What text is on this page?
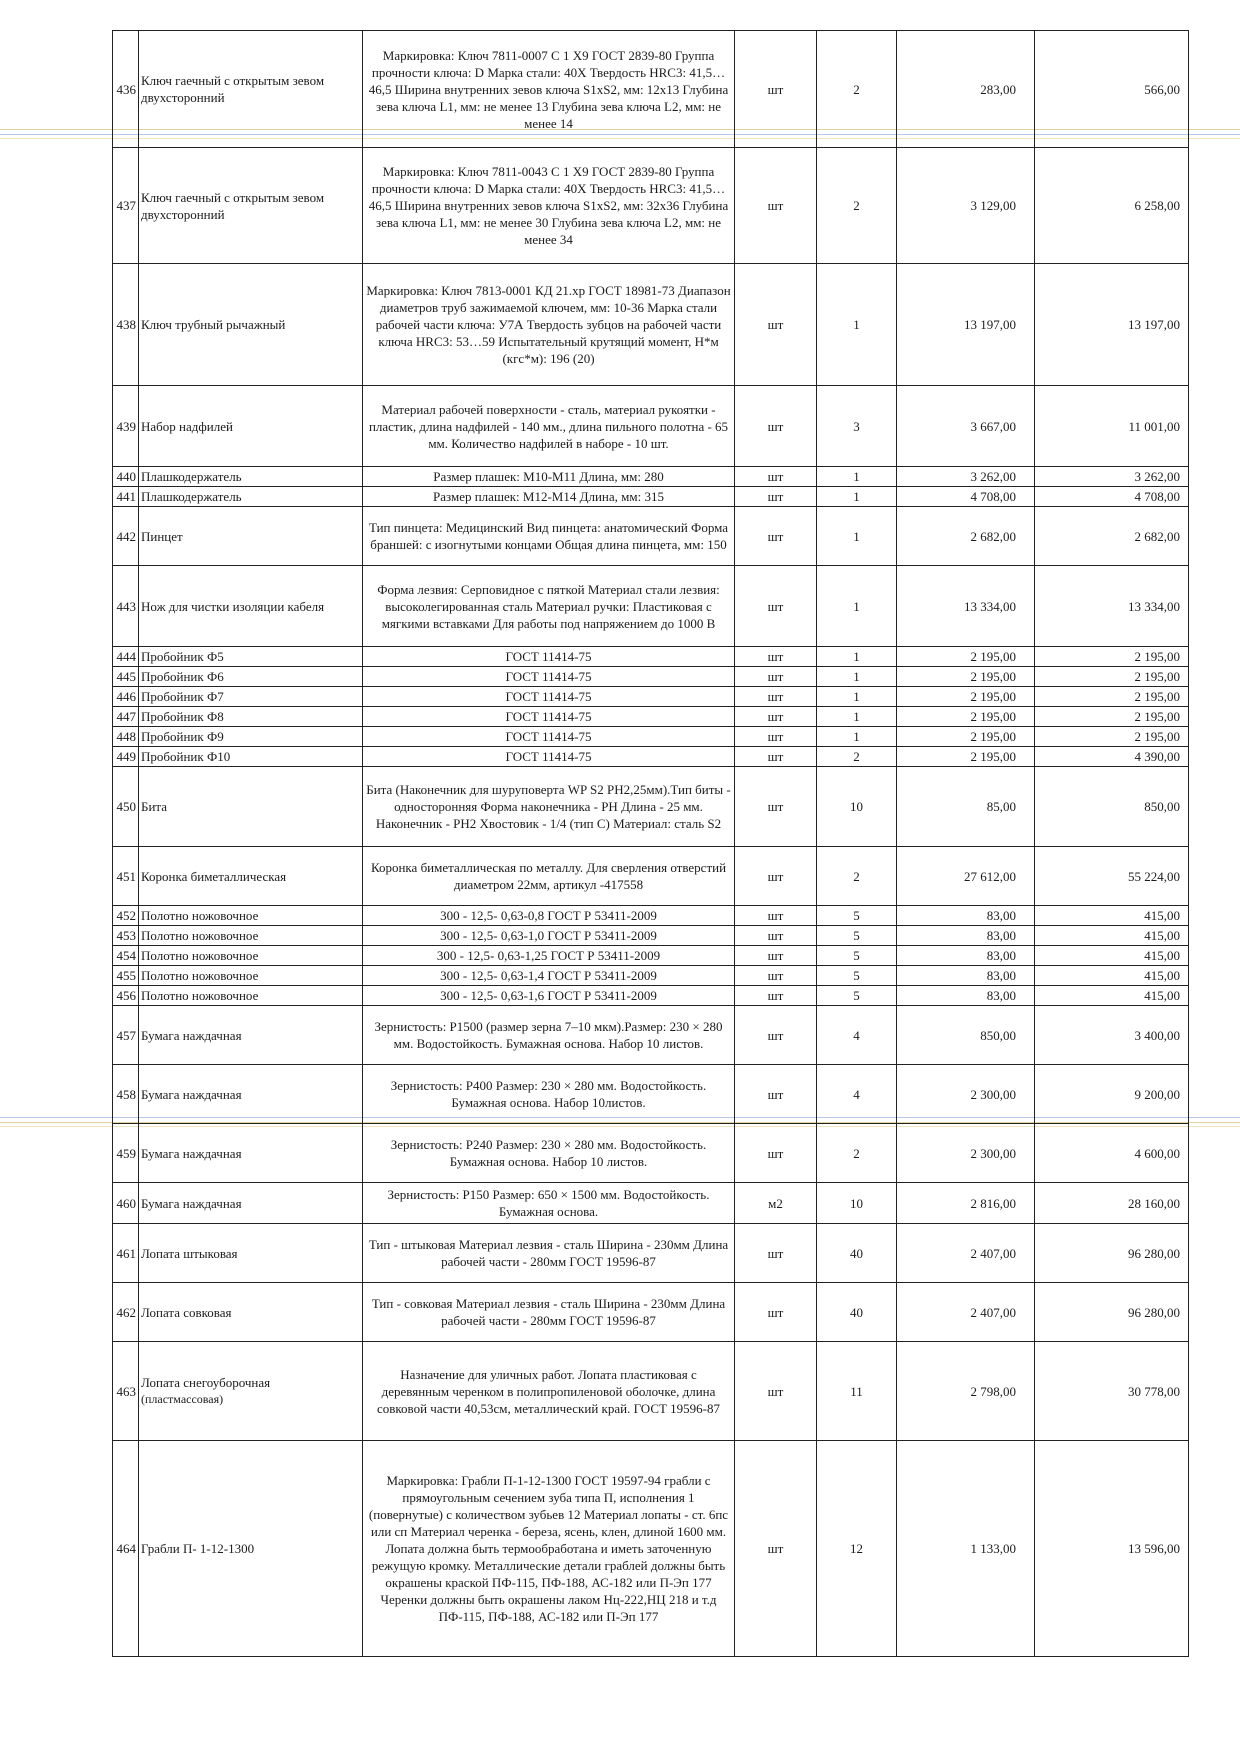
436	Ключ гаечный с открытым зевом двухсторонний	Маркировка: Ключ 7811-0007 С 1 Х9 ГОСТ 2839-80 Группа прочности ключа: D Марка стали: 40Х Твердость HRC3: 41,5…46,5 Ширина внутренних зевов ключа S1xS2, мм: 12x13 Глубина зева ключа L1, мм: не менее 13 Глубина зева ключа L2, мм: не менее 14	шт	2	283,00	566,00
437	Ключ гаечный с открытым зевом двухсторонний	Маркировка: Ключ 7811-0043 С 1 Х9 ГОСТ 2839-80 Группа прочности ключа: D Марка стали: 40Х Твердость HRC3: 41,5…46,5 Ширина внутренних зевов ключа S1xS2, мм: 32x36 Глубина зева ключа L1, мм: не менее 30 Глубина зева ключа L2, мм: не менее 34	шт	2	3 129,00	6 258,00
438	Ключ трубный рычажный	Маркировка: Ключ 7813-0001 КД 21.хр ГОСТ 18981-73 Диапазон диаметров труб зажимаемой ключем, мм: 10-36 Марка стали рабочей части ключа: У7А Твердость зубцов на рабочей части ключа HRC3: 53…59 Испытательный крутящий момент, Н*м (кгс*м): 196 (20)	шт	1	13 197,00	13 197,00
439	Набор надфилей	Материал рабочей поверхности - сталь, материал рукоятки - пластик, длина надфилей - 140 мм., длина пильного полотна - 65 мм. Количество надфилей в наборе - 10 шт.	шт	3	3 667,00	11 001,00
440	Плашкодержатель	Размер плашек: М10-М11 Длина, мм: 280	шт	1	3 262,00	3 262,00
441	Плашкодержатель	Размер плашек: М12-М14 Длина, мм: 315	шт	1	4 708,00	4 708,00
442	Пинцет	Тип пинцета: Медицинский Вид пинцета: анатомический Форма браншей: с изогнутыми концами Общая длина пинцета, мм: 150	шт	1	2 682,00	2 682,00
443	Нож для чистки изоляции кабеля	Форма лезвия: Серповидное с пяткой Материал стали лезвия: высоколегированная сталь Материал ручки: Пластиковая с мягкими вставками Для работы под напряжением до 1000 В	шт	1	13 334,00	13 334,00
444	Пробойник Ф5	ГОСТ 11414-75	шт	1	2 195,00	2 195,00
445	Пробойник Ф6	ГОСТ 11414-75	шт	1	2 195,00	2 195,00
446	Пробойник Ф7	ГОСТ 11414-75	шт	1	2 195,00	2 195,00
447	Пробойник Ф8	ГОСТ 11414-75	шт	1	2 195,00	2 195,00
448	Пробойник Ф9	ГОСТ 11414-75	шт	1	2 195,00	2 195,00
449	Пробойник Ф10	ГОСТ 11414-75	шт	2	2 195,00	4 390,00
450	Бита	Бита (Наконечник для шуруповерта WP S2 PH2,25мм).Тип биты - односторонняя Форма наконечника - PH Длина - 25 мм. Наконечник - PH2 Хвостовик - 1/4 (тип C) Материал: сталь S2	шт	10	85,00	850,00
451	Коронка биметаллическая	Коронка биметаллическая по металлу. Для сверления отверстий диаметром 22мм, артикул -417558	шт	2	27 612,00	55 224,00
452	Полотно ножовочное	300 - 12,5- 0,63-0,8 ГОСТ Р 53411-2009	шт	5	83,00	415,00
453	Полотно ножовочное	300 - 12,5- 0,63-1,0 ГОСТ Р 53411-2009	шт	5	83,00	415,00
454	Полотно ножовочное	300 - 12,5- 0,63-1,25 ГОСТ Р 53411-2009	шт	5	83,00	415,00
455	Полотно ножовочное	300 - 12,5- 0,63-1,4 ГОСТ Р 53411-2009	шт	5	83,00	415,00
456	Полотно ножовочное	300 - 12,5- 0,63-1,6 ГОСТ Р 53411-2009	шт	5	83,00	415,00
457	Бумага наждачная	Зернистость: P1500 (размер зерна 7–10 мкм).Размер: 230 × 280 мм. Водостойкость. Бумажная основа. Набор 10 листов.	шт	4	850,00	3 400,00
458	Бумага наждачная	Зернистость: P400 Размер: 230 × 280 мм. Водостойкость. Бумажная основа. Набор 10листов.	шт	4	2 300,00	9 200,00
459	Бумага наждачная	Зернистость: P240 Размер: 230 × 280 мм. Водостойкость. Бумажная основа. Набор 10 листов.	шт	2	2 300,00	4 600,00
460	Бумага наждачная	Зернистость: P150 Размер: 650 × 1500 мм. Водостойкость. Бумажная основа.	м2	10	2 816,00	28 160,00
461	Лопата штыковая	Тип - штыковая Материал лезвия - сталь Ширина - 230мм Длина рабочей части - 280мм ГОСТ 19596-87	шт	40	2 407,00	96 280,00
462	Лопата совковая	Тип - совковая Материал лезвия - сталь Ширина - 230мм Длина рабочей части - 280мм ГОСТ 19596-87	шт	40	2 407,00	96 280,00
463	Лопата снегоуборочная
(пластмассовая)	Назначение для уличных работ. Лопата пластиковая с деревянным черенком в полипропиленовой оболочке, длина совковой части 40,53см, металлический край. ГОСТ 19596-87	шт	11	2 798,00	30 778,00
464	Грабли П- 1-12-1300	Маркировка: Грабли П-1-12-1300 ГОСТ 19597-94 грабли с прямоугольным сечением зуба типа П, исполнения 1 (повернутые) с количеством зубьев 12 Материал лопаты - ст. 6пс или сп Материал черенка - береза, ясень, клен, длиной 1600 мм. Лопата должна быть термообработана и иметь заточенную режущую кромку. Металлические детали граблей должны быть окрашены краской ПФ-115, ПФ-188, АС-182 или П-Эп 177 Черенки должны быть окрашены лаком Нц-222,НЦ 218 и т.д ПФ-115, ПФ-188, АС-182 или П-Эп 177	шт	12	1 133,00	13 596,00
